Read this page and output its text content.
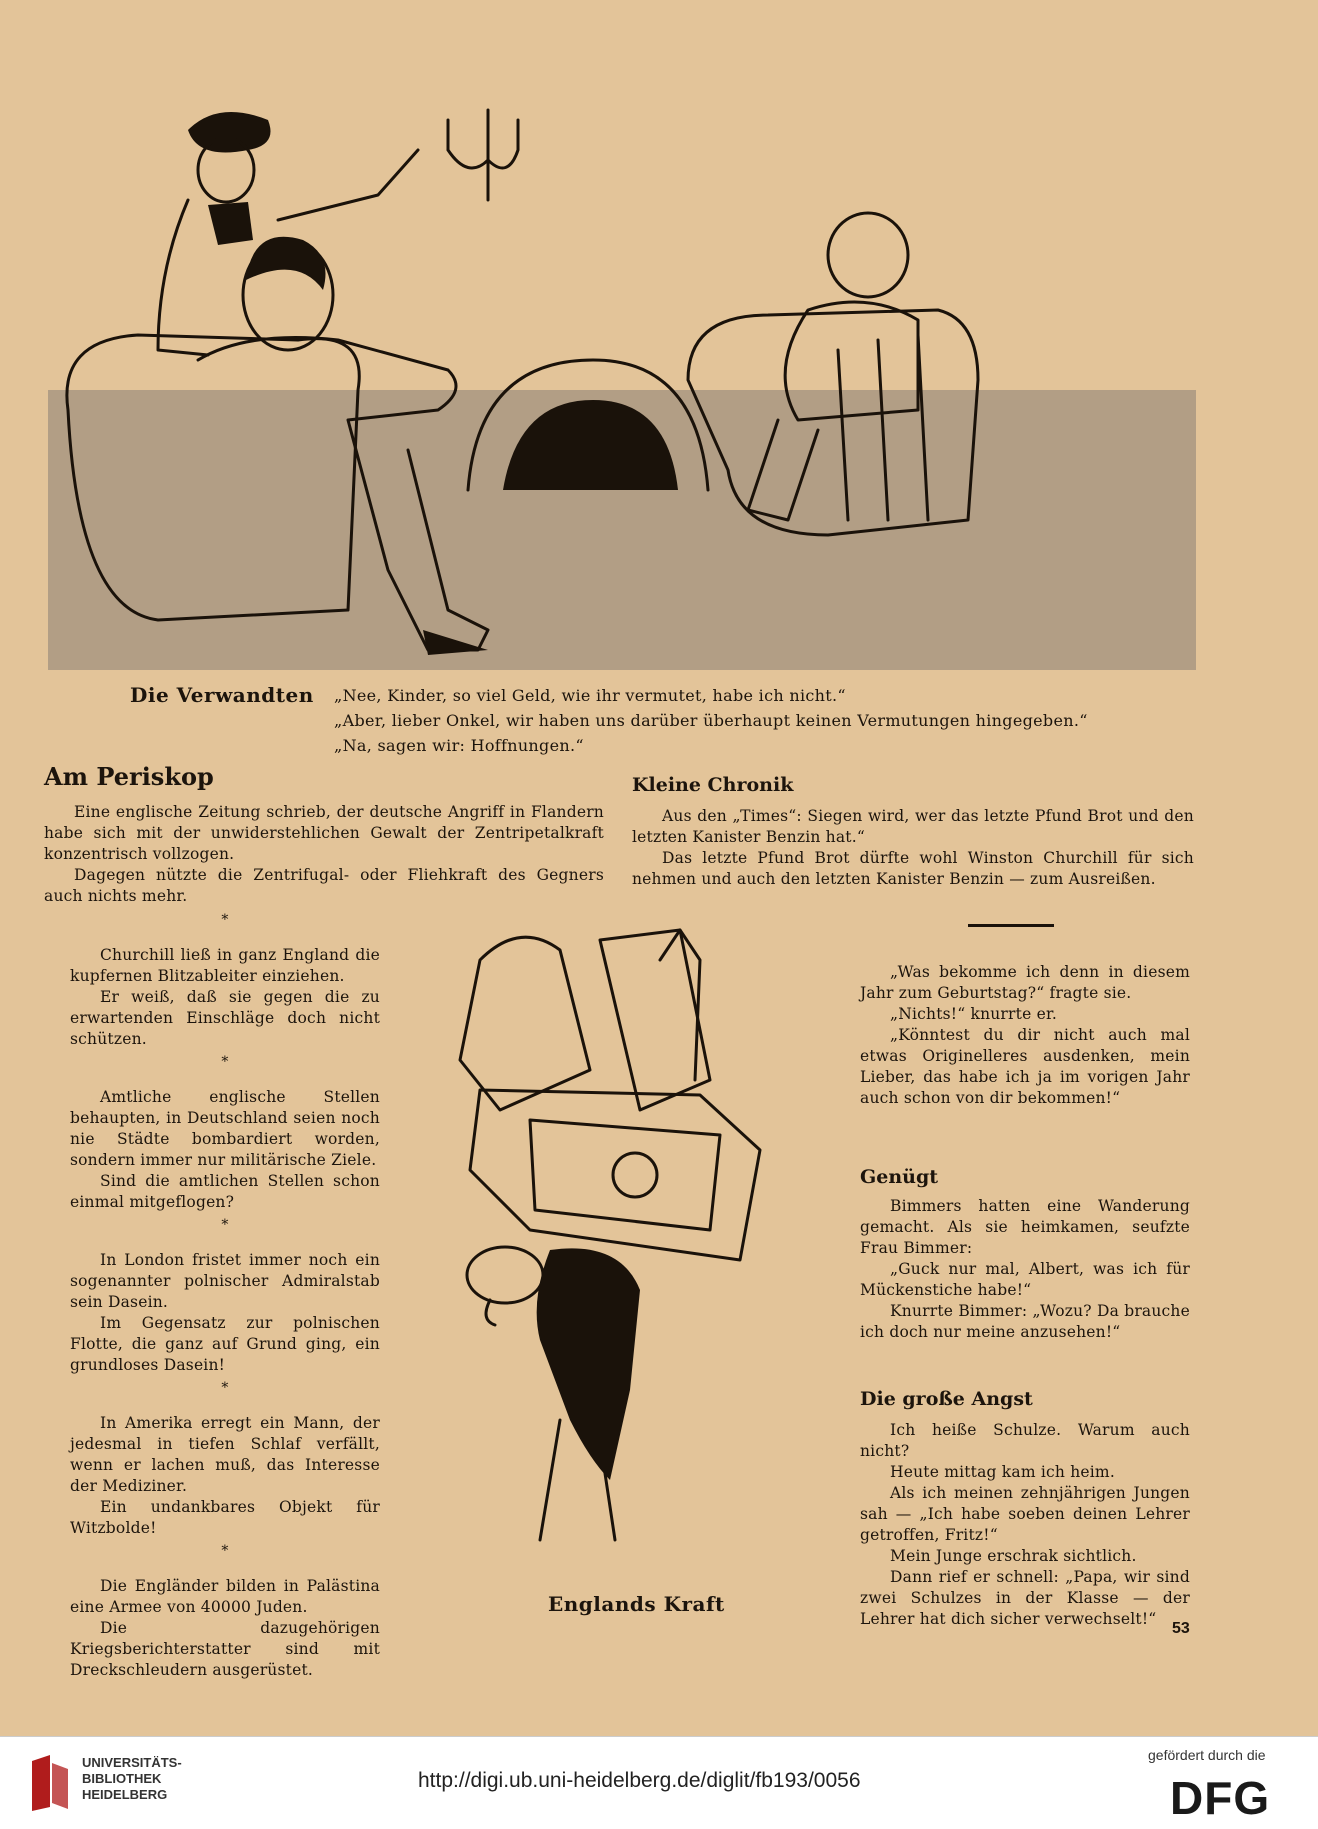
Die Verwandten „Nee, Kinder, so viel Geld, wie ihr vermutet, habe ich nicht.“
„Aber, lieber Onkel, wir haben uns darüber überhaupt keinen Vermutungen hingegeben.“
„Na, sagen wir: Hoffnungen.“
Am Periskop

Eine englische Zeitung schrieb, der deutsche Angriff in Flandern habe sich mit der unwiderstehlichen Gewalt der Zentripetalkraft konzentrisch vollzogen.

Dagegen nützte die Zentrifugal- oder Fliehkraft des Gegners auch nichts mehr.

Kleine Chronik

Aus den „Times“: Siegen wird, wer das letzte Pfund Brot und den letzten Kanister Benzin hat.“

Das letzte Pfund Brot dürfte wohl Winston Churchill für sich nehmen und auch den letzten Kanister Benzin — zum Ausreißen.

*

Churchill ließ in ganz England die kupfernen Blitzableiter einziehen.

Er weiß, daß sie gegen die zu erwartenden Einschläge doch nicht schützen.

*

Amtliche englische Stellen behaupten, in Deutschland seien noch nie Städte bombardiert worden, sondern immer nur militärische Ziele.

Sind die amtlichen Stellen schon einmal mitgeflogen?

*

In London fristet immer noch ein sogenannter polnischer Admiralstab sein Dasein.

Im Gegensatz zur polnischen Flotte, die ganz auf Grund ging, ein grundloses Dasein!

*

In Amerika erregt ein Mann, der jedesmal in tiefen Schlaf verfällt, wenn er lachen muß, das Interesse der Mediziner.

Ein undankbares Objekt für Witzbolde!

*

Die Engländer bilden in Palästina eine Armee von 40000 Juden.

Die dazugehörigen Kriegsberichterstatter sind mit Dreckschleudern ausgerüstet.

„Was bekomme ich denn in diesem Jahr zum Geburtstag?“ fragte sie.

„Nichts!“ knurrte er.

„Könntest du dir nicht auch mal etwas Originelleres ausdenken, mein Lieber, das habe ich ja im vorigen Jahr auch schon von dir bekommen!“

Genügt

Bimmers hatten eine Wanderung gemacht. Als sie heimkamen, seufzte Frau Bimmer:

„Guck nur mal, Albert, was ich für Mückenstiche habe!“

Knurrte Bimmer: „Wozu? Da brauche ich doch nur meine anzusehen!“

Die große Angst

Ich heiße Schulze. Warum auch nicht?

Heute mittag kam ich heim.

Als ich meinen zehnjährigen Jungen sah — „Ich habe soeben deinen Lehrer getroffen, Fritz!“

Mein Junge erschrak sichtlich.

Dann rief er schnell: „Papa, wir sind zwei Schulzes in der Klasse — der Lehrer hat dich sicher verwechselt!“

Englands Kraft
53
UNIVERSITÄTS-
BIBLIOTHEK
HEIDELBERG
http://digi.ub.uni-heidelberg.de/diglit/fb193/0056
gefördert durch die
DFG
